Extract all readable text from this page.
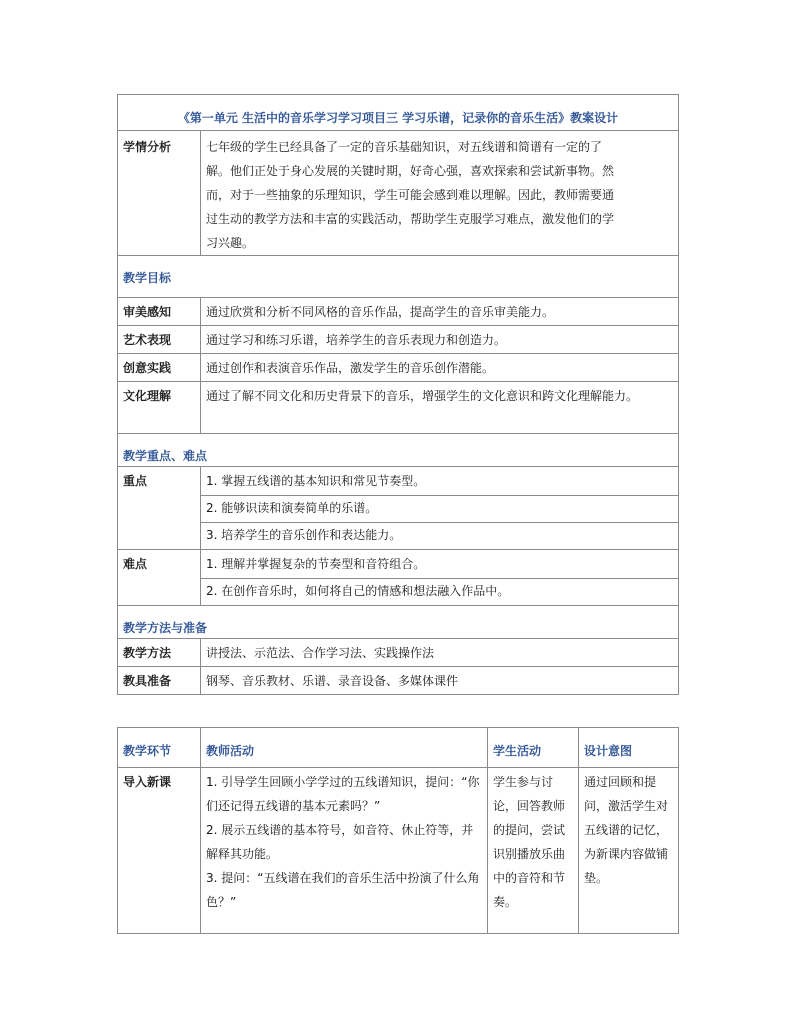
《第一单元 生活中的音乐学习学习项目三 学习乐谱，记录你的音乐生活》教案设计	
学情分析	七年级的学生已经具备了一定的音乐基础知识，对五线谱和简谱有一定的了
解。他们正处于身心发展的关键时期，好奇心强，喜欢探索和尝试新事物。然
而，对于一些抽象的乐理知识，学生可能会感到难以理解。因此，教师需要通
过生动的教学方法和丰富的实践活动，帮助学生克服学习难点，激发他们的学
习兴趣。

教学目标	
审美感知	通过欣赏和分析不同风格的音乐作品，提高学生的音乐审美能力。
艺术表现	通过学习和练习乐谱，培养学生的音乐表现力和创造力。
创意实践	通过创作和表演音乐作品，激发学生的音乐创作潜能。
文化理解	通过了解不同文化和历史背景下的音乐，增强学生的文化意识和跨文化理解能力。
教学重点、难点	
重点	1. 掌握五线谱的基本知识和常见节奏型。
2. 能够识读和演奏简单的乐谱。
3. 培养学生的音乐创作和表达能力。

难点	1. 理解并掌握复杂的节奏型和音符组合。
2. 在创作音乐时，如何将自己的情感和想法融入作品中。

教学方法与准备	
教学方法	讲授法、示范法、合作学习法、实践操作法
教具准备	钢琴、音乐教材、乐谱、录音设备、多媒体课件
教学环节	教师活动	学生活动	设计意图
导入新课	1. 引导学生回顾小学学过的五线谱知识，提问：“你们还记得五线谱的基本元素吗？”
2. 展示五线谱的基本符号，如音符、休止符等，并解释其功能。
3. 提问：“五线谱在我们的音乐生活中扮演了什么角色？”	学生参与讨论，回答教师的提问，尝试识别播放乐曲中的音符和节奏。	通过回顾和提问，激活学生对五线谱的记忆，为新课内容做铺垫。
